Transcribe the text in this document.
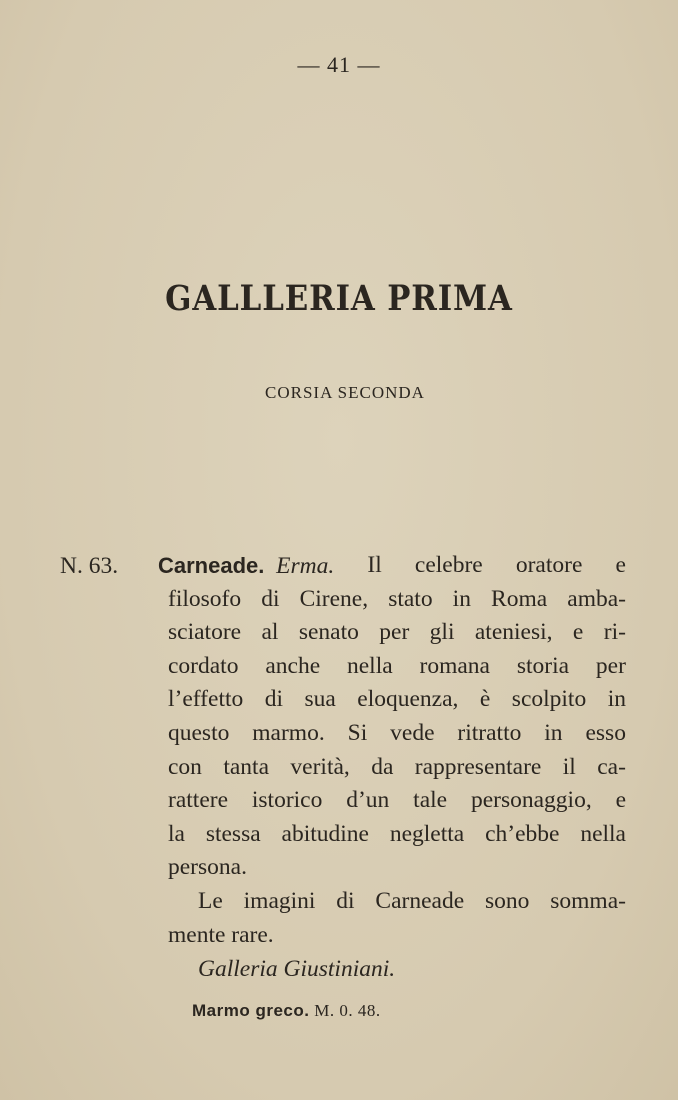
— 41 —
GALLLERIA PRIMA
CORSIA SECONDA
N. 63. Carneade. Erma. Il celebre oratore e
filosofo di Cirene, stato in Roma amba-
sciatore al senato per gli ateniesi, e ri-
cordato anche nella romana storia per
l’effetto di sua eloquenza, è scolpito in
questo marmo. Si vede ritratto in esso
con tanta verità, da rappresentare il ca-
rattere istorico d’un tale personaggio, e
la stessa abitudine negletta ch’ebbe nella
persona.
Le imagini di Carneade sono somma-
mente rare.
Galleria Giustiniani.
Marmo greco. M. 0. 48.
